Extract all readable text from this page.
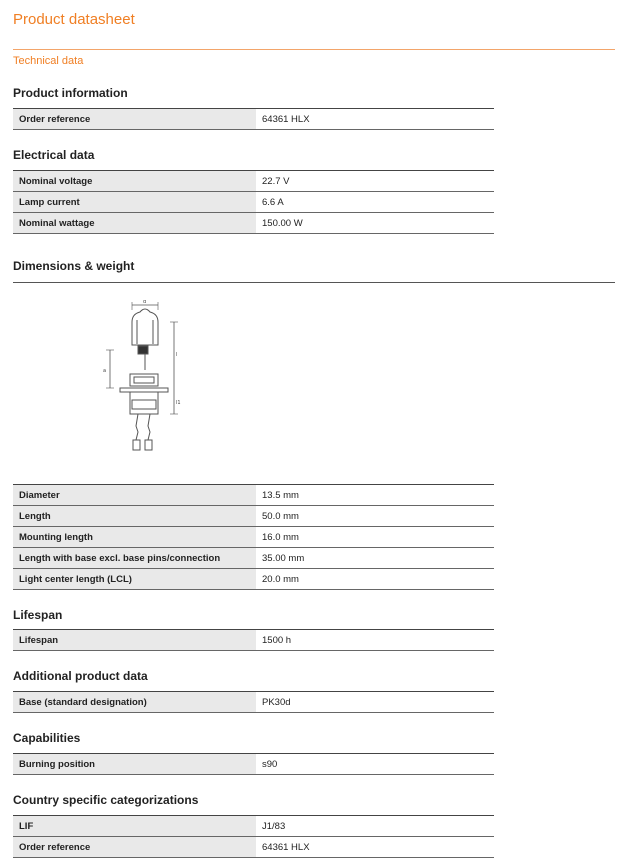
Product datasheet
Technical data
Product information
Order reference	64361 HLX
Electrical data
Nominal voltage	22.7 V
Lamp current	6.6 A
Nominal wattage	150.00 W
Dimensions & weight
d
l
l1
a
Diameter	13.5 mm
Length	50.0 mm
Mounting length	16.0 mm
Length with base excl. base pins/connection	35.00 mm
Light center length (LCL)	20.0 mm
Lifespan
Lifespan	1500 h
Additional product data
Base (standard designation)	PK30d
Capabilities
Burning position	s90
Country specific categorizations
LIF	J1/83
Order reference	64361 HLX
